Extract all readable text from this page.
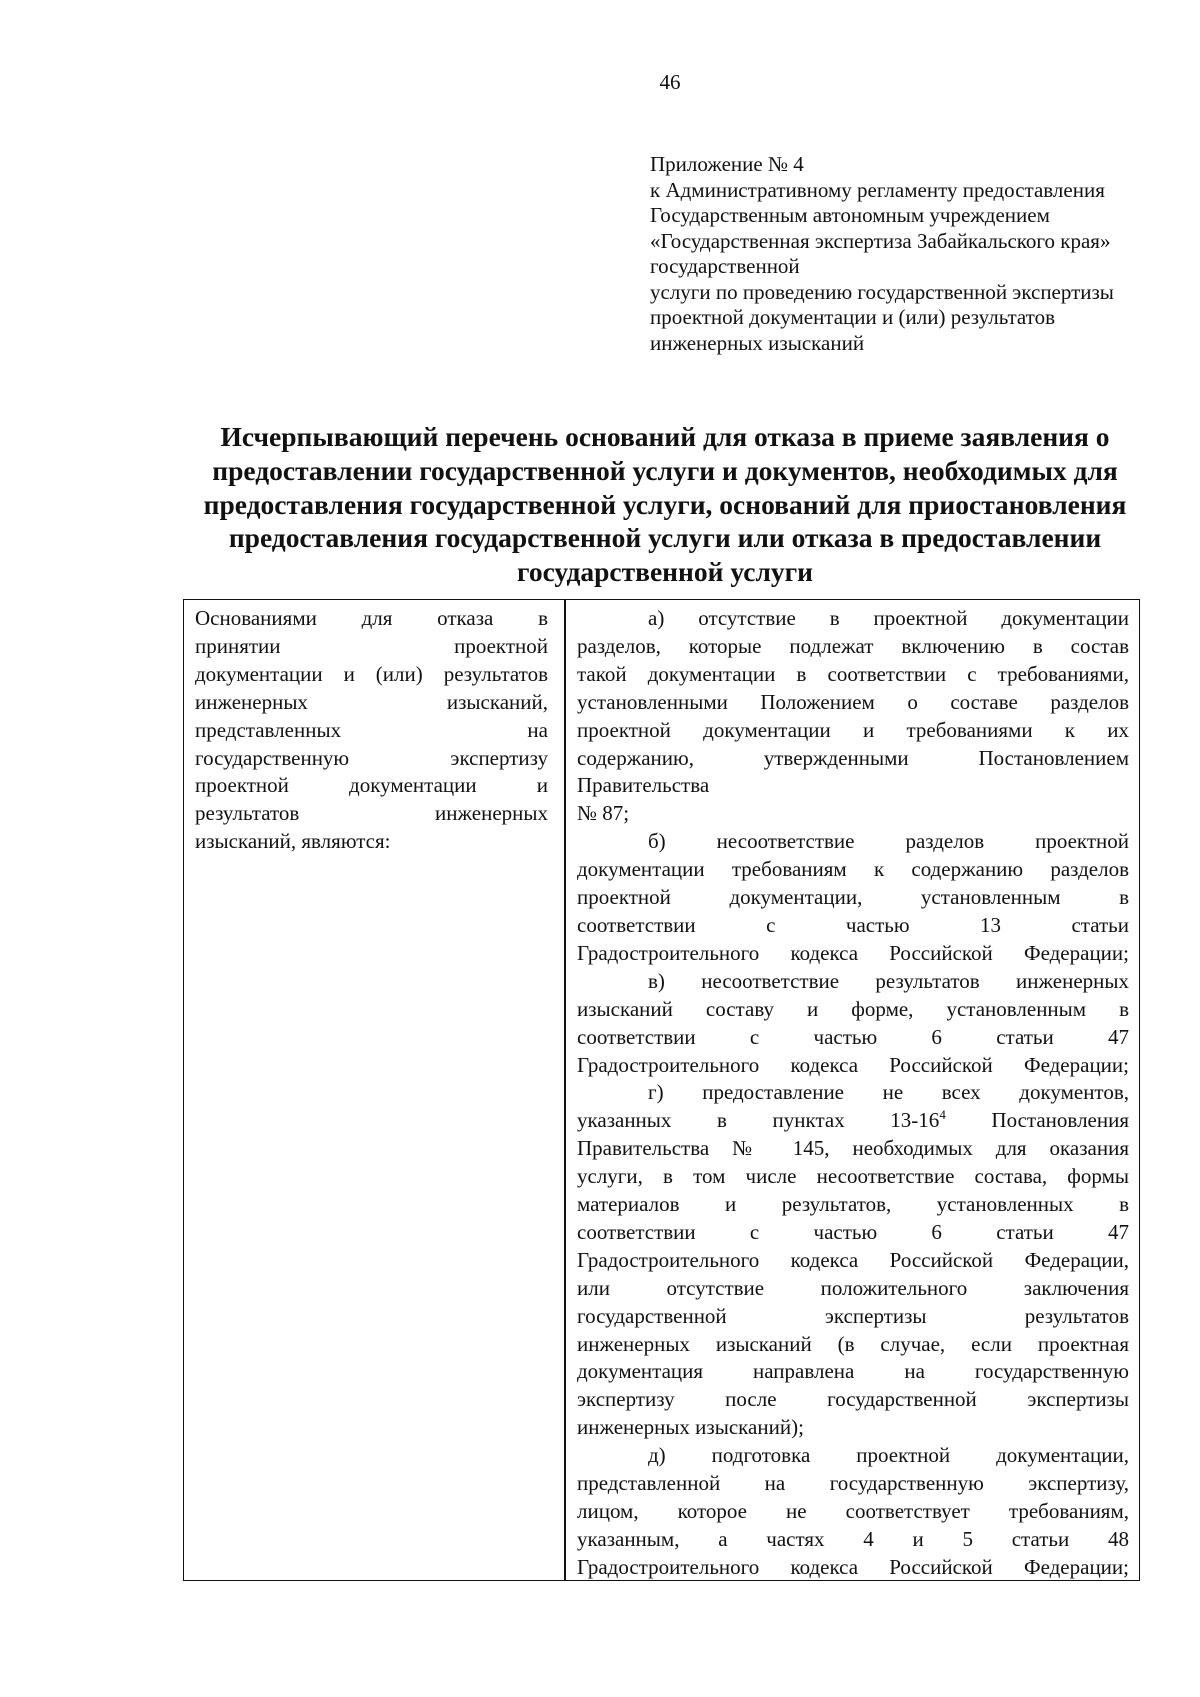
46
Приложение № 4
к Административному регламенту предоставления
Государственным автономным учреждением
«Государственная экспертиза Забайкальского края»
государственной
услуги по проведению государственной экспертизы
проектной документации и (или) результатов
инженерных изысканий
Исчерпывающий перечень оснований для отказа в приеме заявления о
предоставлении государственной услуги и документов, необходимых для
предоставления государственной услуги, оснований для приостановления
предоставления государственной услуги или отказа в предоставлении
государственной услуги
Основаниями для отказа в
принятии проектной
документации и (или) результатов
инженерных изысканий,
представленных на
государственную экспертизу
проектной документации и
результатов инженерных
изысканий, являются:
а) отсутствие в проектной документации
разделов, которые подлежат включению в состав
такой документации в соответствии с требованиями,
установленными Положением о составе разделов
проектной документации и требованиями к их
содержанию, утвержденными Постановлением
Правительства
№ 87;
б) несоответствие разделов проектной
документации требованиям к содержанию разделов
проектной документации, установленным в
соответствии с частью 13 статьи
Градостроительного кодекса Российской Федерации;
в) несоответствие результатов инженерных
изысканий составу и форме, установленным в
соответствии с частью 6 статьи 47
Градостроительного кодекса Российской Федерации;
г) предоставление не всех документов,
указанных в пунктах $13-16^4$ Постановления
Правительства № 145, необходимых для оказания
услуги, в том числе несоответствие состава, формы
материалов и результатов, установленных в
соответствии с частью 6 статьи 47
Градостроительного кодекса Российской Федерации,
или отсутствие положительного заключения
государственной экспертизы результатов
инженерных изысканий (в случае, если проектная
документация направлена на государственную
экспертизу после государственной экспертизы
инженерных изысканий);
д) подготовка проектной документации,
представленной на государственную экспертизу,
лицом, которое не соответствует требованиям,
указанным, а частях 4 и 5 статьи 48
Градостроительного кодекса Российской Федерации;
